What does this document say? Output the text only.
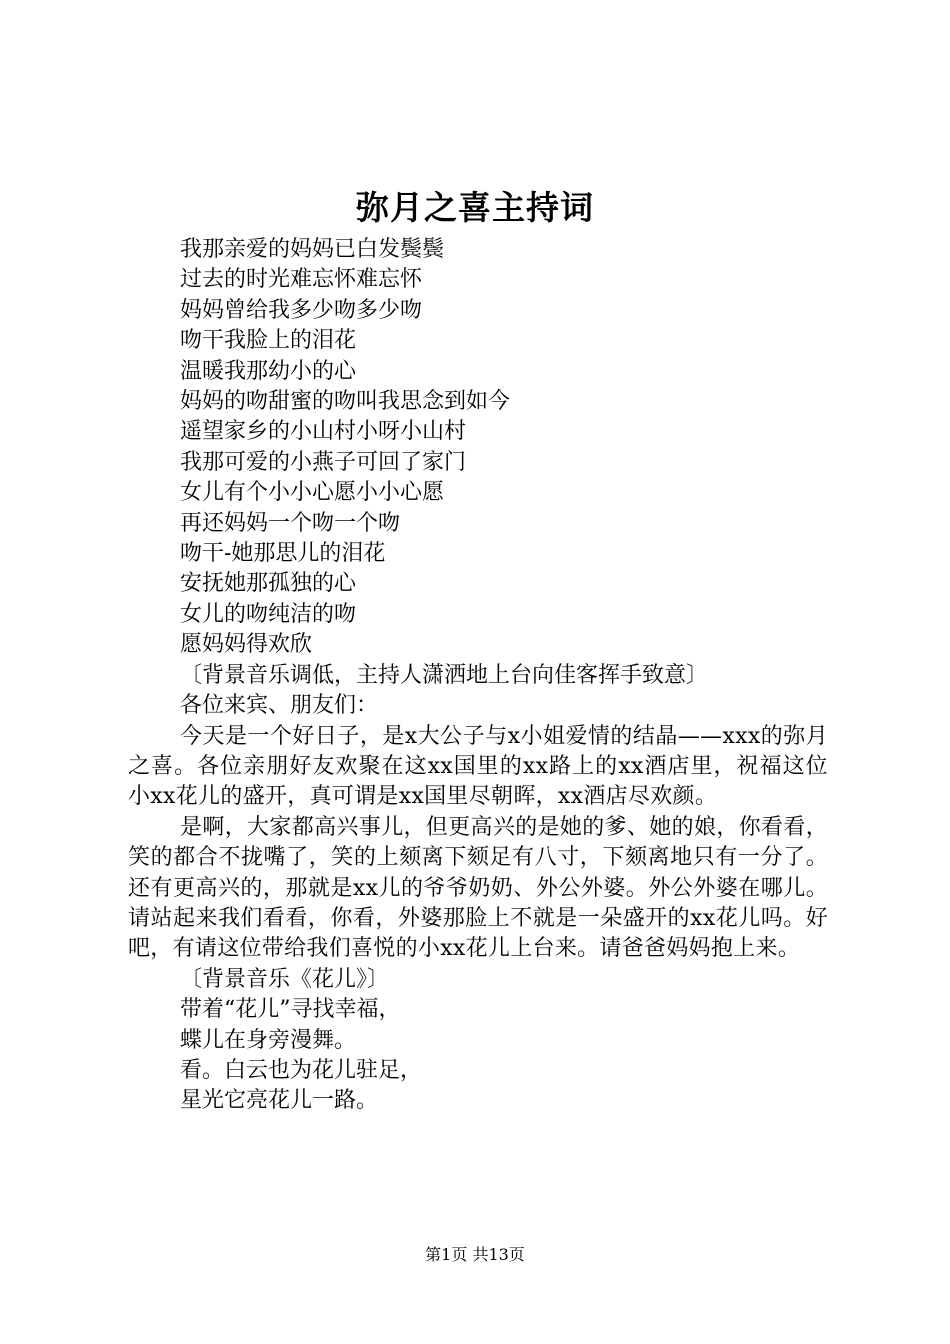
弥月之喜主持词
我那亲爱的妈妈已白发鬓鬓
过去的时光难忘怀难忘怀
妈妈曾给我多少吻多少吻
吻干我脸上的泪花
温暖我那幼小的心
妈妈的吻甜蜜的吻叫我思念到如今
遥望家乡的小山村小呀小山村
我那可爱的小燕子可回了家门
女儿有个小小心愿小小心愿
再还妈妈一个吻一个吻
吻干-她那思儿的泪花
安抚她那孤独的心
女儿的吻纯洁的吻
愿妈妈得欢欣
〔背景音乐调低，主持人潇洒地上台向佳客挥手致意〕
各位来宾、朋友们：
今天是一个好日子，是x大公子与x小姐爱情的结晶——xxx的弥月之喜。各位亲朋好友欢聚在这xx国里的xx路上的xx酒店里，祝福这位小xx花儿的盛开，真可谓是xx国里尽朝晖，xx酒店尽欢颜。
是啊，大家都高兴事儿，但更高兴的是她的爹、她的娘，你看看，笑的都合不拢嘴了，笑的上颏离下颏足有八寸，下颏离地只有一分了。还有更高兴的，那就是xx儿的爷爷奶奶、外公外婆。外公外婆在哪儿。请站起来我们看看，你看，外婆那脸上不就是一朵盛开的xx花儿吗。好吧，有请这位带给我们喜悦的小xx花儿上台来。请爸爸妈妈抱上来。
〔背景音乐《花儿》〕
带着“花儿”寻找幸福，
蝶儿在身旁漫舞。
看。白云也为花儿驻足，
星光它亮花儿一路。
第1页 共13页
